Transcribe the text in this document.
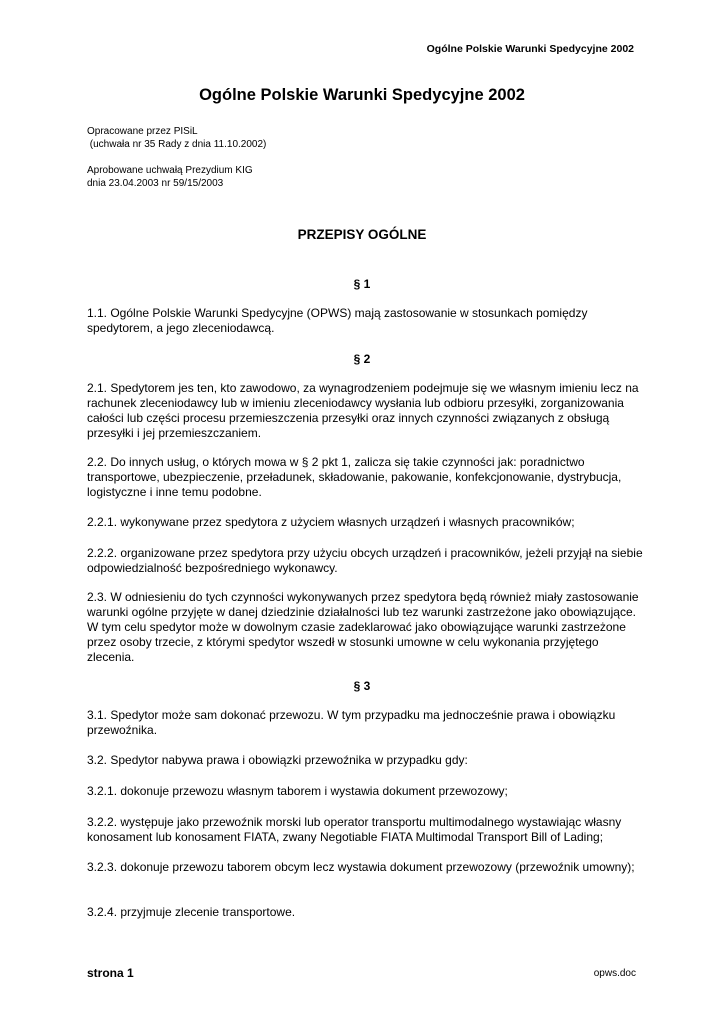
Ogólne Polskie Warunki Spedycyjne 2002
Ogólne Polskie Warunki Spedycyjne 2002
Opracowane przez PISiL
(uchwała nr 35 Rady z dnia 11.10.2002)
Aprobowane uchwałą Prezydium KIG
dnia 23.04.2003 nr 59/15/2003
PRZEPISY OGÓLNE
§ 1
1.1. Ogólne Polskie Warunki Spedycyjne (OPWS) mają zastosowanie w stosunkach pomiędzy spedytorem, a jego zleceniodawcą.
§ 2
2.1. Spedytorem jes ten, kto zawodowo, za wynagrodzeniem podejmuje się we własnym imieniu lecz na rachunek zleceniodawcy lub w imieniu zleceniodawcy wysłania lub odbioru przesyłki, zorganizowania całości lub części procesu przemieszczenia przesyłki oraz innych czynności związanych z obsługą przesyłki i jej przemieszczaniem.
2.2. Do innych usług, o których mowa w § 2 pkt 1, zalicza się takie czynności jak: poradnictwo transportowe, ubezpieczenie, przeładunek, składowanie, pakowanie, konfekcjonowanie, dystrybucja, logistyczne i inne temu podobne.
2.2.1. wykonywane przez spedytora z użyciem własnych urządzeń i własnych pracowników;
2.2.2. organizowane przez spedytora przy użyciu obcych urządzeń i pracowników, jeżeli przyjął na siebie odpowiedzialność bezpośredniego wykonawcy.
2.3. W odniesieniu do tych czynności wykonywanych przez spedytora będą również miały zastosowanie warunki ogólne przyjęte w danej dziedzinie działalności lub tez warunki zastrzeżone jako obowiązujące. W tym celu spedytor może w dowolnym czasie zadeklarować jako obowiązujące warunki zastrzeżone przez osoby trzecie, z którymi spedytor wszedł w stosunki umowne w celu wykonania przyjętego zlecenia.
§ 3
3.1. Spedytor może sam dokonać przewozu. W tym przypadku ma jednocześnie prawa i obowiązku przewoźnika.
3.2. Spedytor nabywa prawa i obowiązki przewoźnika w przypadku gdy:
3.2.1. dokonuje przewozu własnym taborem i wystawia dokument przewozowy;
3.2.2. występuje jako przewoźnik morski lub operator transportu multimodalnego wystawiając własny konosament lub konosament FIATA, zwany Negotiable FIATA Multimodal Transport Bill of Lading;
3.2.3. dokonuje przewozu taborem obcym lecz wystawia dokument przewozowy (przewoźnik umowny);
3.2.4. przyjmuje zlecenie transportowe.
strona 1	opws.doc
